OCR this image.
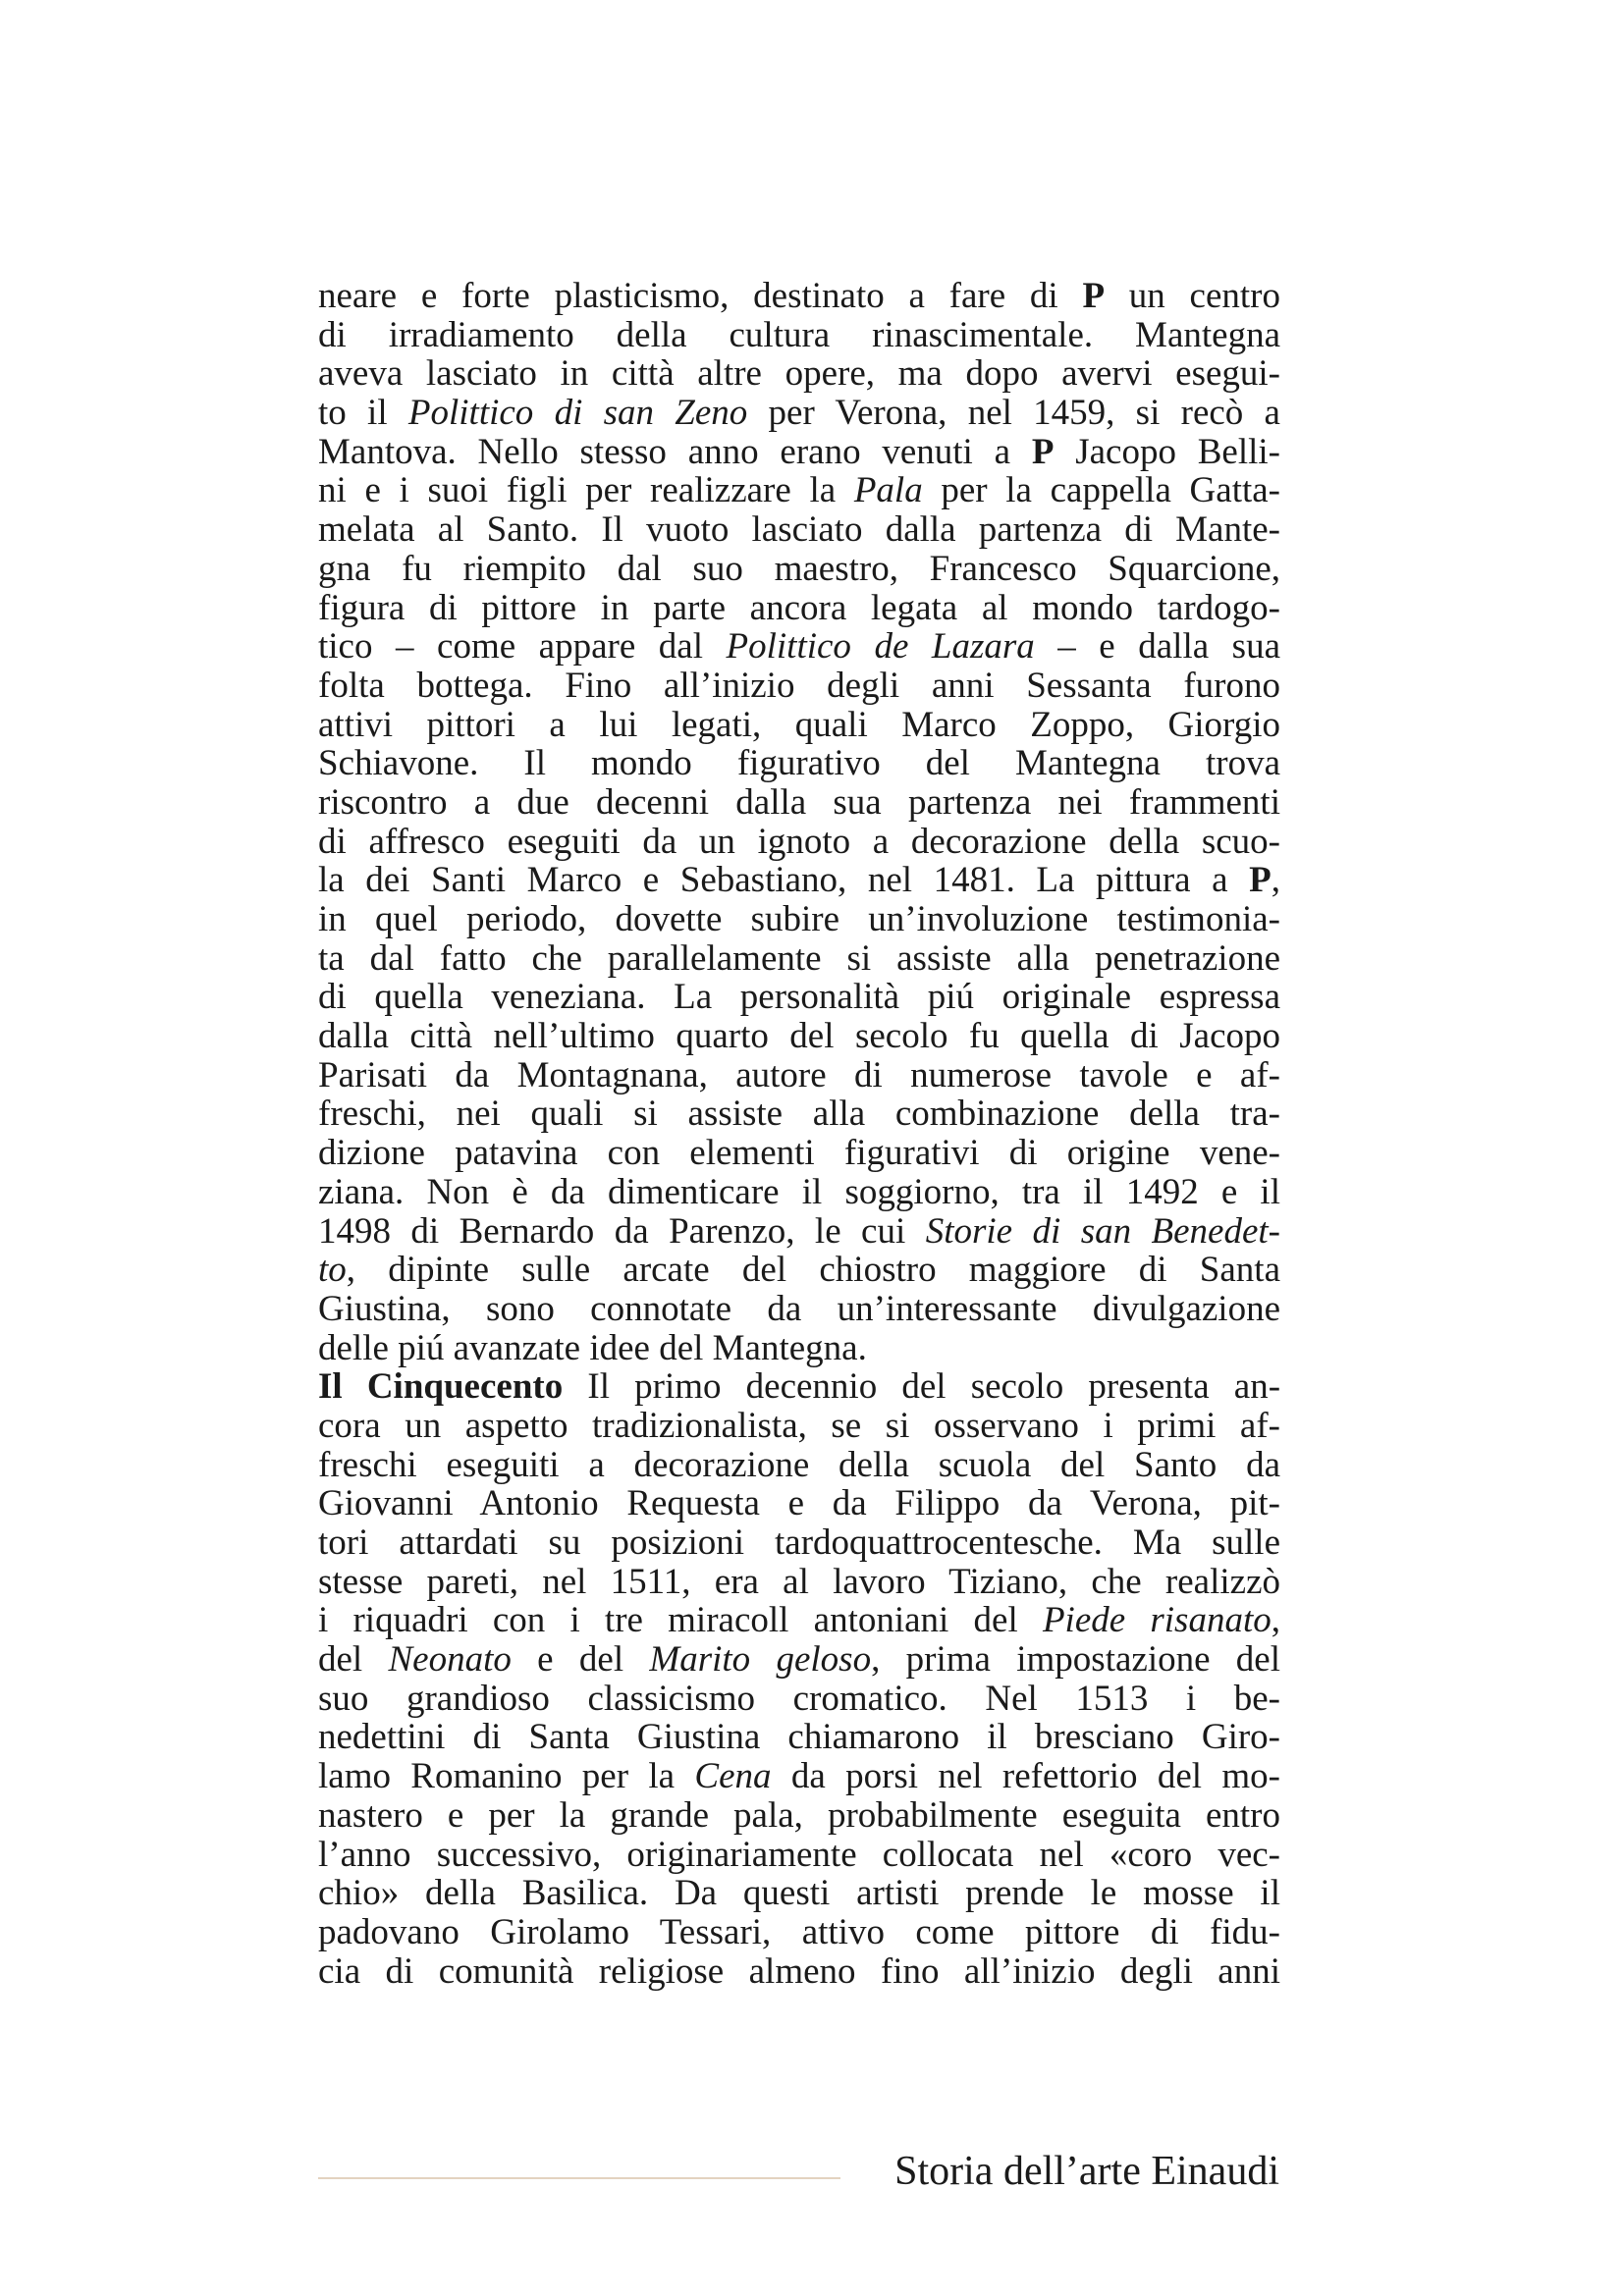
neare e forte plasticismo, destinato a fare di P un centro
di irradiamento della cultura rinascimentale. Mantegna
aveva lasciato in città altre opere, ma dopo avervi esegui-
to il Polittico di san Zeno per Verona, nel 1459, si recò a
Mantova. Nello stesso anno erano venuti a P Jacopo Belli-
ni e i suoi figli per realizzare la Pala per la cappella Gatta-
melata al Santo. Il vuoto lasciato dalla partenza di Mante-
gna fu riempito dal suo maestro, Francesco Squarcione,
figura di pittore in parte ancora legata al mondo tardogo-
tico – come appare dal Polittico de Lazara – e dalla sua
folta bottega. Fino all’inizio degli anni Sessanta furono
attivi pittori a lui legati, quali Marco Zoppo, Giorgio
Schiavone. Il mondo figurativo del Mantegna trova
riscontro a due decenni dalla sua partenza nei frammenti
di affresco eseguiti da un ignoto a decorazione della scuo-
la dei Santi Marco e Sebastiano, nel 1481. La pittura a P,
in quel periodo, dovette subire un’involuzione testimonia-
ta dal fatto che parallelamente si assiste alla penetrazione
di quella veneziana. La personalità piú originale espressa
dalla città nell’ultimo quarto del secolo fu quella di Jacopo
Parisati da Montagnana, autore di numerose tavole e af-
freschi, nei quali si assiste alla combinazione della tra-
dizione patavina con elementi figurativi di origine vene-
ziana. Non è da dimenticare il soggiorno, tra il 1492 e il
1498 di Bernardo da Parenzo, le cui Storie di san Benedet-
to, dipinte sulle arcate del chiostro maggiore di Santa
Giustina, sono connotate da un’interessante divulgazione
delle piú avanzate idee del Mantegna.
Il Cinquecento Il primo decennio del secolo presenta an-
cora un aspetto tradizionalista, se si osservano i primi af-
freschi eseguiti a decorazione della scuola del Santo da
Giovanni Antonio Requesta e da Filippo da Verona, pit-
tori attardati su posizioni tardoquattrocentesche. Ma sulle
stesse pareti, nel 1511, era al lavoro Tiziano, che realizzò
i riquadri con i tre miracoll antoniani del Piede risanato,
del Neonato e del Marito geloso, prima impostazione del
suo grandioso classicismo cromatico. Nel 1513 i be-
nedettini di Santa Giustina chiamarono il bresciano Giro-
lamo Romanino per la Cena da porsi nel refettorio del mo-
nastero e per la grande pala, probabilmente eseguita entro
l’anno successivo, originariamente collocata nel «coro vec-
chio» della Basilica. Da questi artisti prende le mosse il
padovano Girolamo Tessari, attivo come pittore di fidu-
cia di comunità religiose almeno fino all’inizio degli anni
Storia dell’arte Einaudi
